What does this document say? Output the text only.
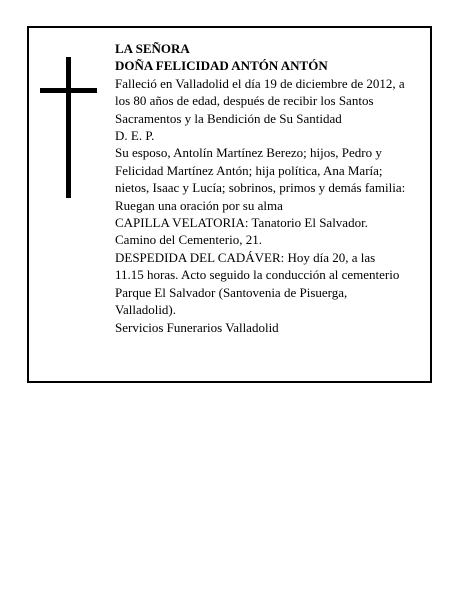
LA SEÑORA
DOÑA FELICIDAD ANTÓN ANTÓN
Falleció en Valladolid el día 19 de diciembre de 2012, a
los 80 años de edad, después de recibir los Santos
Sacramentos y la Bendición de Su Santidad
D. E. P.
Su esposo, Antolín Martínez Berezo; hijos, Pedro y
Felicidad Martínez Antón; hija política, Ana María;
nietos, Isaac y Lucía; sobrinos, primos y demás familia:
Ruegan una oración por su alma
CAPILLA VELATORIA: Tanatorio El Salvador.
Camino del Cementerio, 21.
DESPEDIDA DEL CADÁVER: Hoy día 20, a las
11.15 horas. Acto seguido la conducción al cementerio
Parque El Salvador (Santovenia de Pisuerga,
Valladolid).
Servicios Funerarios Valladolid
